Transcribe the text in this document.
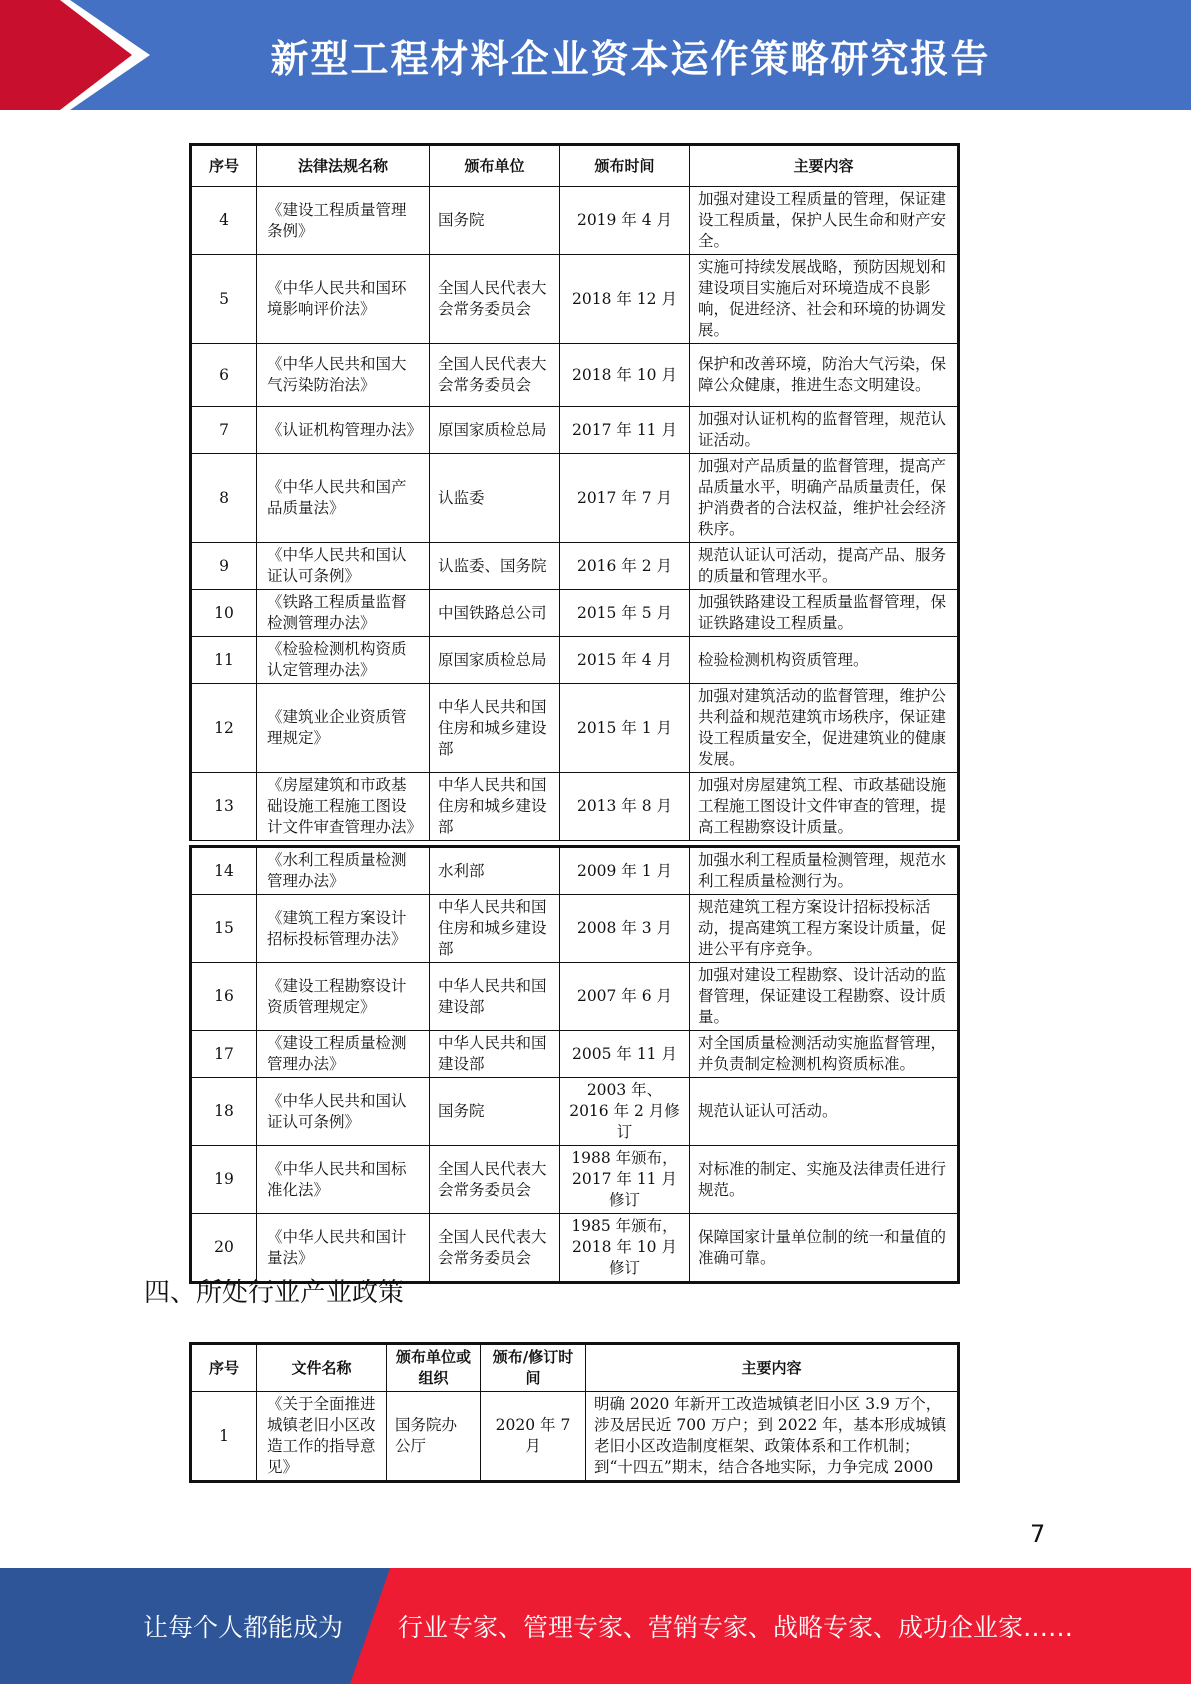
新型工程材料企业资本运作策略研究报告
序号	法律法规名称	颁布单位	颁布时间	主要内容
4	《建设工程质量管理条例》	国务院	2019 年 4 月	加强对建设工程质量的管理，保证建设工程质量，保护人民生命和财产安全。
5	《中华人民共和国环境影响评价法》	全国人民代表大会常务委员会	2018 年 12 月	实施可持续发展战略，预防因规划和建设项目实施后对环境造成不良影响，促进经济、社会和环境的协调发展。
6	《中华人民共和国大气污染防治法》	全国人民代表大会常务委员会	2018 年 10 月	保护和改善环境，防治大气污染，保障公众健康，推进生态文明建设。
7	《认证机构管理办法》	原国家质检总局	2017 年 11 月	加强对认证机构的监督管理，规范认证活动。
8	《中华人民共和国产品质量法》	认监委	2017 年 7 月	加强对产品质量的监督管理，提高产品质量水平，明确产品质量责任，保护消费者的合法权益，维护社会经济秩序。
9	《中华人民共和国认证认可条例》	认监委、国务院	2016 年 2 月	规范认证认可活动，提高产品、服务的质量和管理水平。
10	《铁路工程质量监督检测管理办法》	中国铁路总公司	2015 年 5 月	加强铁路建设工程质量监督管理，保证铁路建设工程质量。
11	《检验检测机构资质认定管理办法》	原国家质检总局	2015 年 4 月	检验检测机构资质管理。
12	《建筑业企业资质管理规定》	中华人民共和国住房和城乡建设部	2015 年 1 月	加强对建筑活动的监督管理，维护公共利益和规范建筑市场秩序，保证建设工程质量安全，促进建筑业的健康发展。
13	《房屋建筑和市政基础设施工程施工图设计文件审查管理办法》	中华人民共和国住房和城乡建设部	2013 年 8 月	加强对房屋建筑工程、市政基础设施工程施工图设计文件审查的管理，提高工程勘察设计质量。
14	《水利工程质量检测管理办法》	水利部	2009 年 1 月	加强水利工程质量检测管理，规范水利工程质量检测行为。
15	《建筑工程方案设计招标投标管理办法》	中华人民共和国住房和城乡建设部	2008 年 3 月	规范建筑工程方案设计招标投标活动，提高建筑工程方案设计质量，促进公平有序竞争。
16	《建设工程勘察设计资质管理规定》	中华人民共和国建设部	2007 年 6 月	加强对建设工程勘察、设计活动的监督管理，保证建设工程勘察、设计质量。
17	《建设工程质量检测管理办法》	中华人民共和国建设部	2005 年 11 月	对全国质量检测活动实施监督管理，并负责制定检测机构资质标准。
18	《中华人民共和国认证认可条例》	国务院	2003 年、2016 年 2 月修订	规范认证认可活动。
19	《中华人民共和国标准化法》	全国人民代表大会常务委员会	1988 年颁布，2017 年 11 月修订	对标准的制定、实施及法律责任进行规范。
20	《中华人民共和国计量法》	全国人民代表大会常务委员会	1985 年颁布，2018 年 10 月修订	保障国家计量单位制的统一和量值的准确可靠。
四、所处行业产业政策
序号	文件名称	颁布单位或组织	颁布/修订时间	主要内容
1	《关于全面推进城镇老旧小区改造工作的指导意见》	国务院办公厅	2020 年 7 月	明确 2020 年新开工改造城镇老旧小区 3.9 万个，涉及居民近 700 万户；到 2022 年，基本形成城镇老旧小区改造制度框架、政策体系和工作机制；到“十四五”期末，结合各地实际，力争完成 2000
7
让每个人都能成为 行业专家、管理专家、营销专家、战略专家、成功企业家……
